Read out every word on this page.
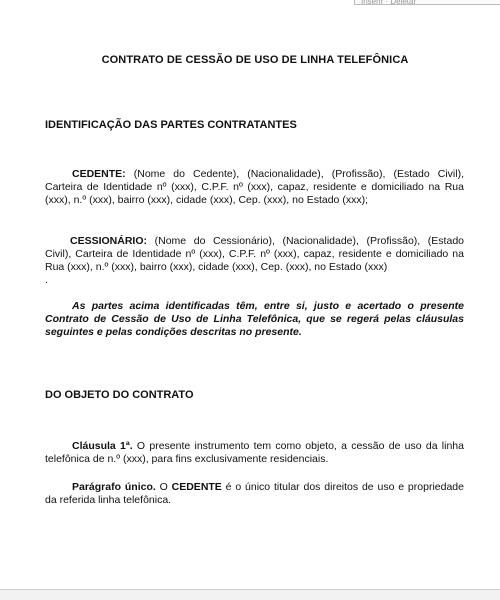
Inserir · Deletar
CONTRATO DE CESSÃO DE USO DE LINHA TELEFÔNICA
IDENTIFICAÇÃO DAS PARTES CONTRATANTES
CEDENTE: (Nome do Cedente), (Nacionalidade), (Profissão), (Estado Civil), Carteira de Identidade nº (xxx), C.P.F. nº (xxx), capaz, residente e domiciliado na Rua (xxx), n.º (xxx), bairro (xxx), cidade (xxx), Cep. (xxx), no Estado (xxx);
CESSIONÁRIO: (Nome do Cessionário), (Nacionalidade), (Profissão), (Estado Civil), Carteira de Identidade nº (xxx), C.P.F. nº (xxx), capaz, residente e domiciliado na Rua (xxx), n.º (xxx), bairro (xxx), cidade (xxx), Cep. (xxx), no Estado (xxx)
.
As partes acima identificadas têm, entre si, justo e acertado o presente Contrato de Cessão de Uso de Linha Telefônica, que se regerá pelas cláusulas seguintes e pelas condições descritas no presente.
DO OBJETO DO CONTRATO
Cláusula 1ª. O presente instrumento tem como objeto, a cessão de uso da linha telefônica de n.º (xxx), para fins exclusivamente residenciais.
Parágrafo único. O CEDENTE é o único titular dos direitos de uso e propriedade da referida linha telefônica.
